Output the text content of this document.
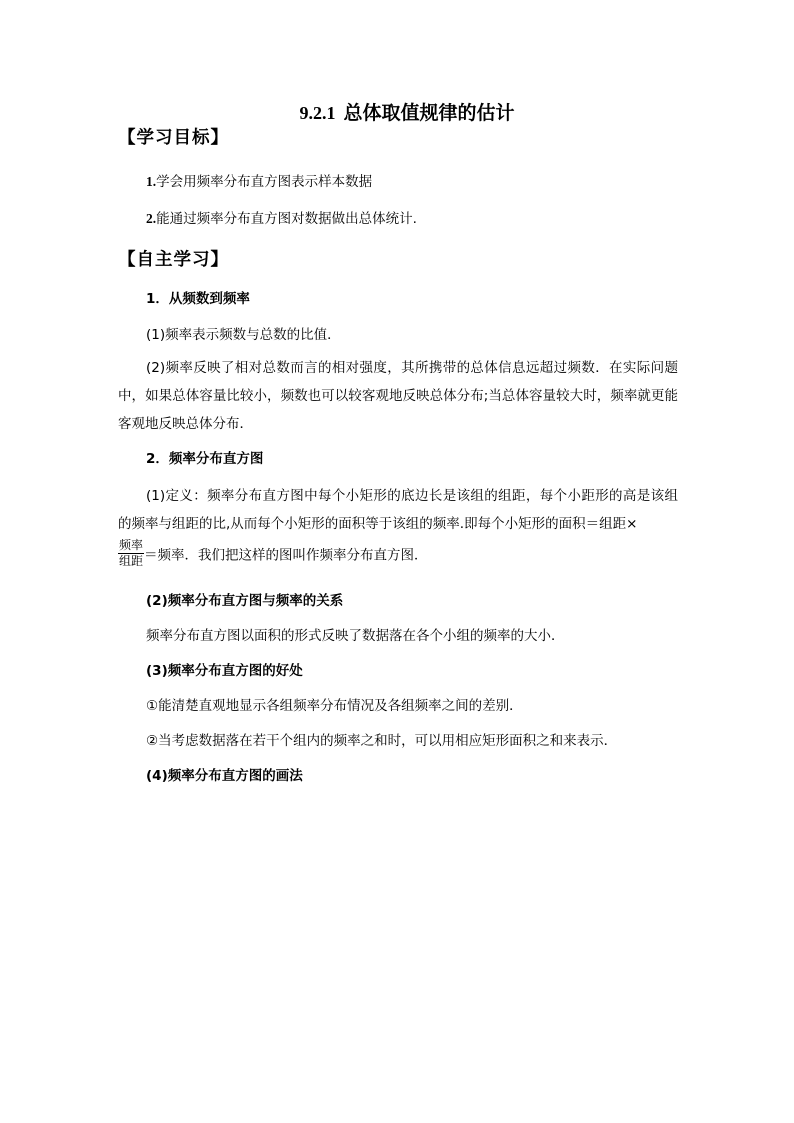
9.2.1 总体取值规律的估计
【学习目标】
1.学会用频率分布直方图表示样本数据
2.能通过频率分布直方图对数据做出总体统计.
【自主学习】
1．从频数到频率
(1)频率表示频数与总数的比值．
(2)频率反映了相对总数而言的相对强度，其所携带的总体信息远超过频数．在实际问题中，如果总体容量比较小，频数也可以较客观地反映总体分布;当总体容量较大时，频率就更能客观地反映总体分布．
2．频率分布直方图
(1)定义：频率分布直方图中每个小矩形的底边长是该组的组距，每个小距形的高是该组的频率与组距的比,从而每个小矩形的面积等于该组的频率.即每个小矩形的面积＝组距×
$\frac{\text{频率}}{\text{组距}}$ ＝频率．我们把这样的图叫作频率分布直方图．
(2)频率分布直方图与频率的关系
频率分布直方图以面积的形式反映了数据落在各个小组的频率的大小．
(3)频率分布直方图的好处
①能清楚直观地显示各组频率分布情况及各组频率之间的差别．
②当考虑数据落在若干个组内的频率之和时，可以用相应矩形面积之和来表示．
(4)频率分布直方图的画法
